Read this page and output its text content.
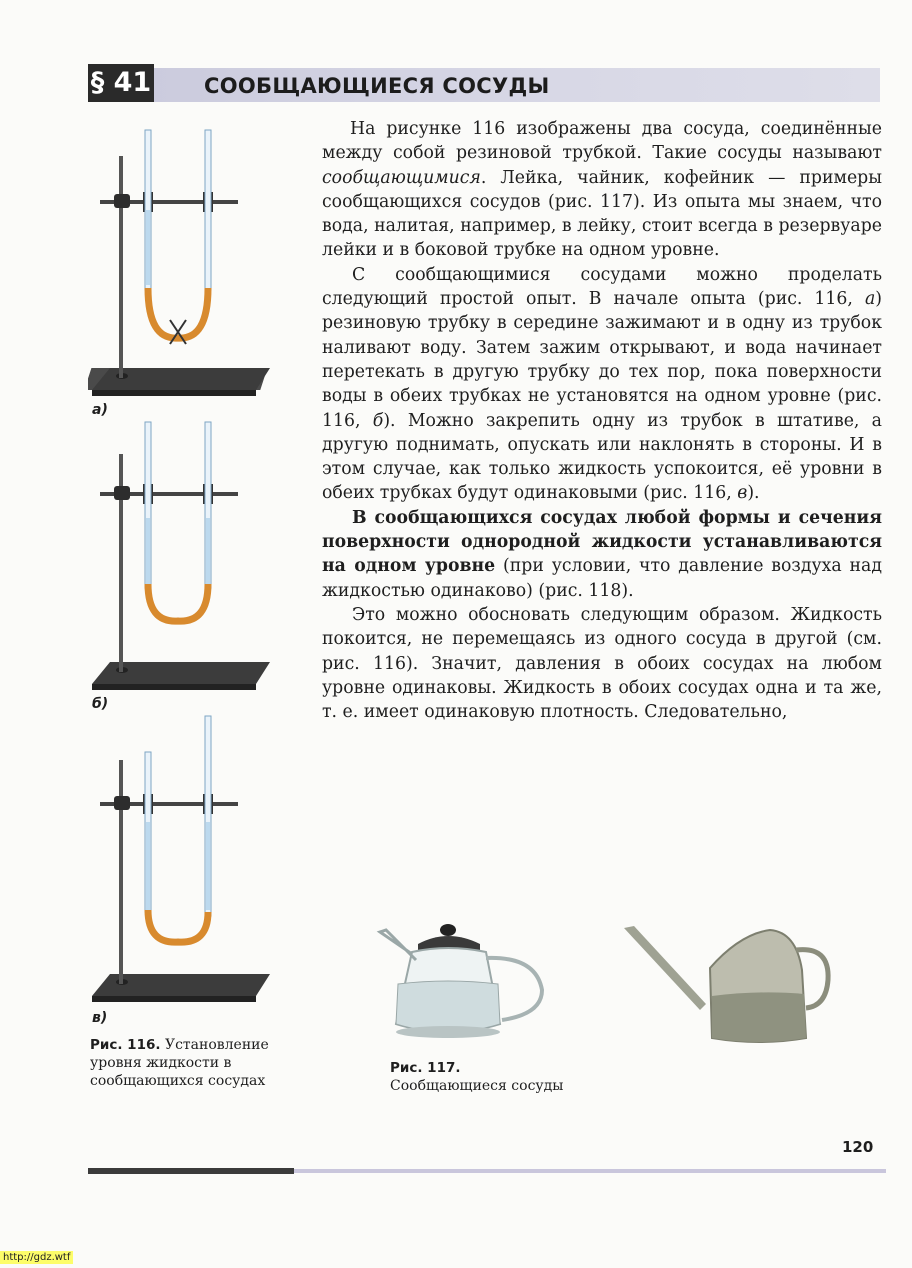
§ 41	СООБЩАЮЩИЕСЯ СОСУДЫ

На рисунке 116 изображены два сосуда, соединённые между собой резиновой трубкой. Такие сосуды называют сообщающимися. Лейка, чайник, кофейник — примеры сообщающихся сосудов (рис. 117). Из опыта мы знаем, что вода, налитая, например, в лейку, стоит всегда в резервуаре лейки и в боковой трубке на одном уровне.

С сообщающимися сосудами можно проделать следующий простой опыт. В начале опыта (рис. 116, а) резиновую трубку в середине зажимают и в одну из трубок наливают воду. Затем зажим открывают, и вода начинает перетекать в другую трубку до тех пор, пока поверхности воды в обеих трубках не установятся на одном уровне (рис. 116, б). Можно закрепить одну из трубок в штативе, а другую поднимать, опускать или наклонять в стороны. И в этом случае, как только жидкость успокоится, её уровни в обеих трубках будут одинаковыми (рис. 116, в).

В сообщающихся сосудах любой формы и сечения поверхности однородной жидкости устанавливаются на одном уровне (при условии, что давление воздуха над жидкостью одинаково) (рис. 118).

Это можно обосновать следующим образом. Жидкость покоится, не перемещаясь из одного сосуда в другой (см. рис. 116). Значит, давления в обоих сосудах на любом уровне одинаковы. Жидкость в обоих сосудах одна и та же, т. е. имеет одинаковую плотность. Следовательно,

а)
б)
в)
Рис. 116. Установление уровня жидкости в сообщающихся сосудах
Рис. 117.
Сообщающиеся сосуды
120
http://gdz.wtf
